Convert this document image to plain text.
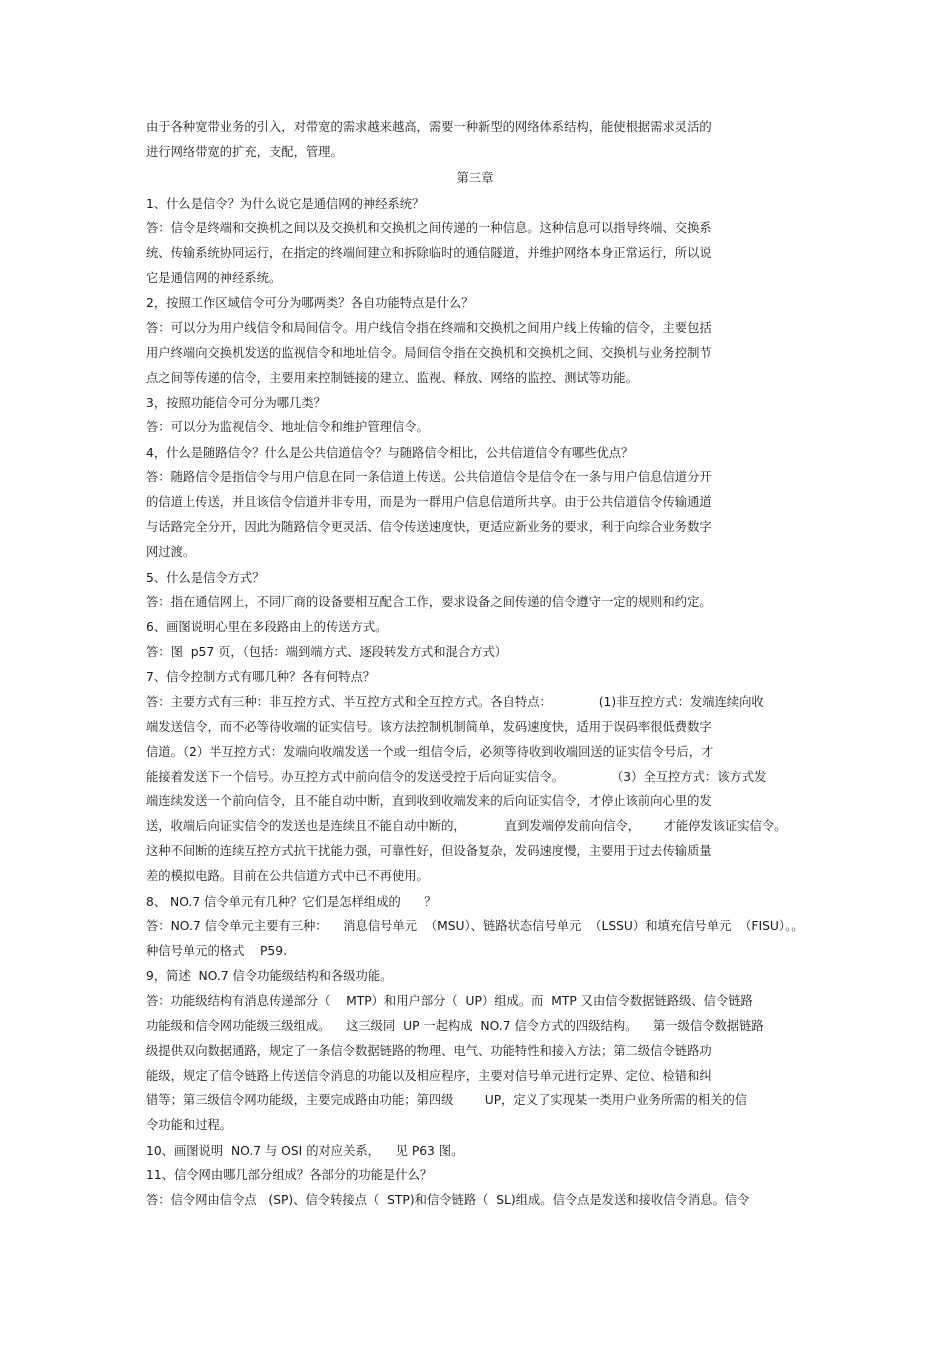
由于各种宽带业务的引入，对带宽的需求越来越高，需要一种新型的网络体系结构，能使根据需求灵活的
进行网络带宽的扩充，支配，管理。
第三章
1、什么是信令？为什么说它是通信网的神经系统？
答：信令是终端和交换机之间以及交换机和交换机之间传递的一种信息。这种信息可以指导终端、交换系
统、传输系统协同运行，在指定的终端间建立和拆除临时的通信隧道，并维护网络本身正常运行，所以说
它是通信网的神经系统。
2，按照工作区域信令可分为哪两类？各自功能特点是什么？
答：可以分为用户线信令和局间信令。用户线信令指在终端和交换机之间用户线上传输的信令，主要包括
用户终端向交换机发送的监视信令和地址信令。局间信令指在交换机和交换机之间、交换机与业务控制节
点之间等传递的信令，主要用来控制链接的建立、监视、释放、网络的监控、测试等功能。
3，按照功能信令可分为哪几类？
答：可以分为监视信令、地址信令和维护管理信令。
4，什么是随路信令？什么是公共信道信令？与随路信令相比，公共信道信令有哪些优点？
答：随路信令是指信令与用户信息在同一条信道上传送。公共信道信令是信令在一条与用户信息信道分开
的信道上传送，并且该信令信道并非专用，而是为一群用户信息信道所共享。由于公共信道信令传输通道
与话路完全分开，因此为随路信令更灵活、信令传送速度快，更适应新业务的要求，利于向综合业务数字
网过渡。
5、什么是信令方式？
答：指在通信网上，不同厂商的设备要相互配合工作，要求设备之间传递的信令遵守一定的规则和约定。
6、画图说明心里在多段路由上的传送方式。
答：图  p57 页，（包括：端到端方式、逐段转发方式和混合方式）
7、信令控制方式有哪几种？各有何特点？
答：主要方式有三种：非互控方式、半互控方式和全互控方式。各自特点：            (1)非互控方式：发端连续向收
端发送信令，而不必等待收端的证实信号。该方法控制机制简单，发码速度快，适用于误码率很低费数字
信道。（2）半互控方式：发端向收端发送一个或一组信令后，必须等待收到收端回送的证实信令号后，才
能接着发送下一个信号。办互控方式中前向信令的发送受控于后向证实信令。            （3）全互控方式：该方式发
端连续发送一个前向信令，且不能自动中断，直到收到收端发来的后向证实信令，才停止该前向心里的发
送，收端后向证实信令的发送也是连续且不能自动中断的，          直到发端停发前向信令，      才能停发该证实信令。
这种不间断的连续互控方式抗干扰能力强，可靠性好，但设备复杂，发码速度慢，主要用于过去传输质量
差的模拟电路。目前在公共信道方式中已不再使用。
8、 NO.7 信令单元有几种？它们是怎样组成的      ？
答：NO.7 信令单元主要有三种：    消息信号单元  （MSU）、链路状态信号单元  （LSSU）和填充信号单元  （FISU）。。
种信号单元的格式    P59.
9，简述  NO.7 信令功能级结构和各级功能。
答：功能级结构有消息传递部分（    MTP）和用户部分（  UP）组成。而  MTP 又由信令数据链路级、信令链路
功能级和信令网功能级三级组成。    这三级同  UP 一起构成  NO.7 信令方式的四级结构。    第一级信令数据链路
级提供双向数据通路，规定了一条信令数据链路的物理、电气、功能特性和接入方法；第二级信令链路功
能级，规定了信令链路上传送信令消息的功能以及相应程序，主要对信号单元进行定界、定位、检错和纠
错等；第三级信令网功能级，主要完成路由功能；第四级        UP，定义了实现某一类用户业务所需的相关的信
令功能和过程。
10、画图说明  NO.7 与 OSI 的对应关系，    见 P63 图。
11、信令网由哪几部分组成？各部分的功能是什么？
答：信令网由信令点   (SP)、信令转接点（  STP)和信令链路（  SL)组成。信令点是发送和接收信令消息。信令
